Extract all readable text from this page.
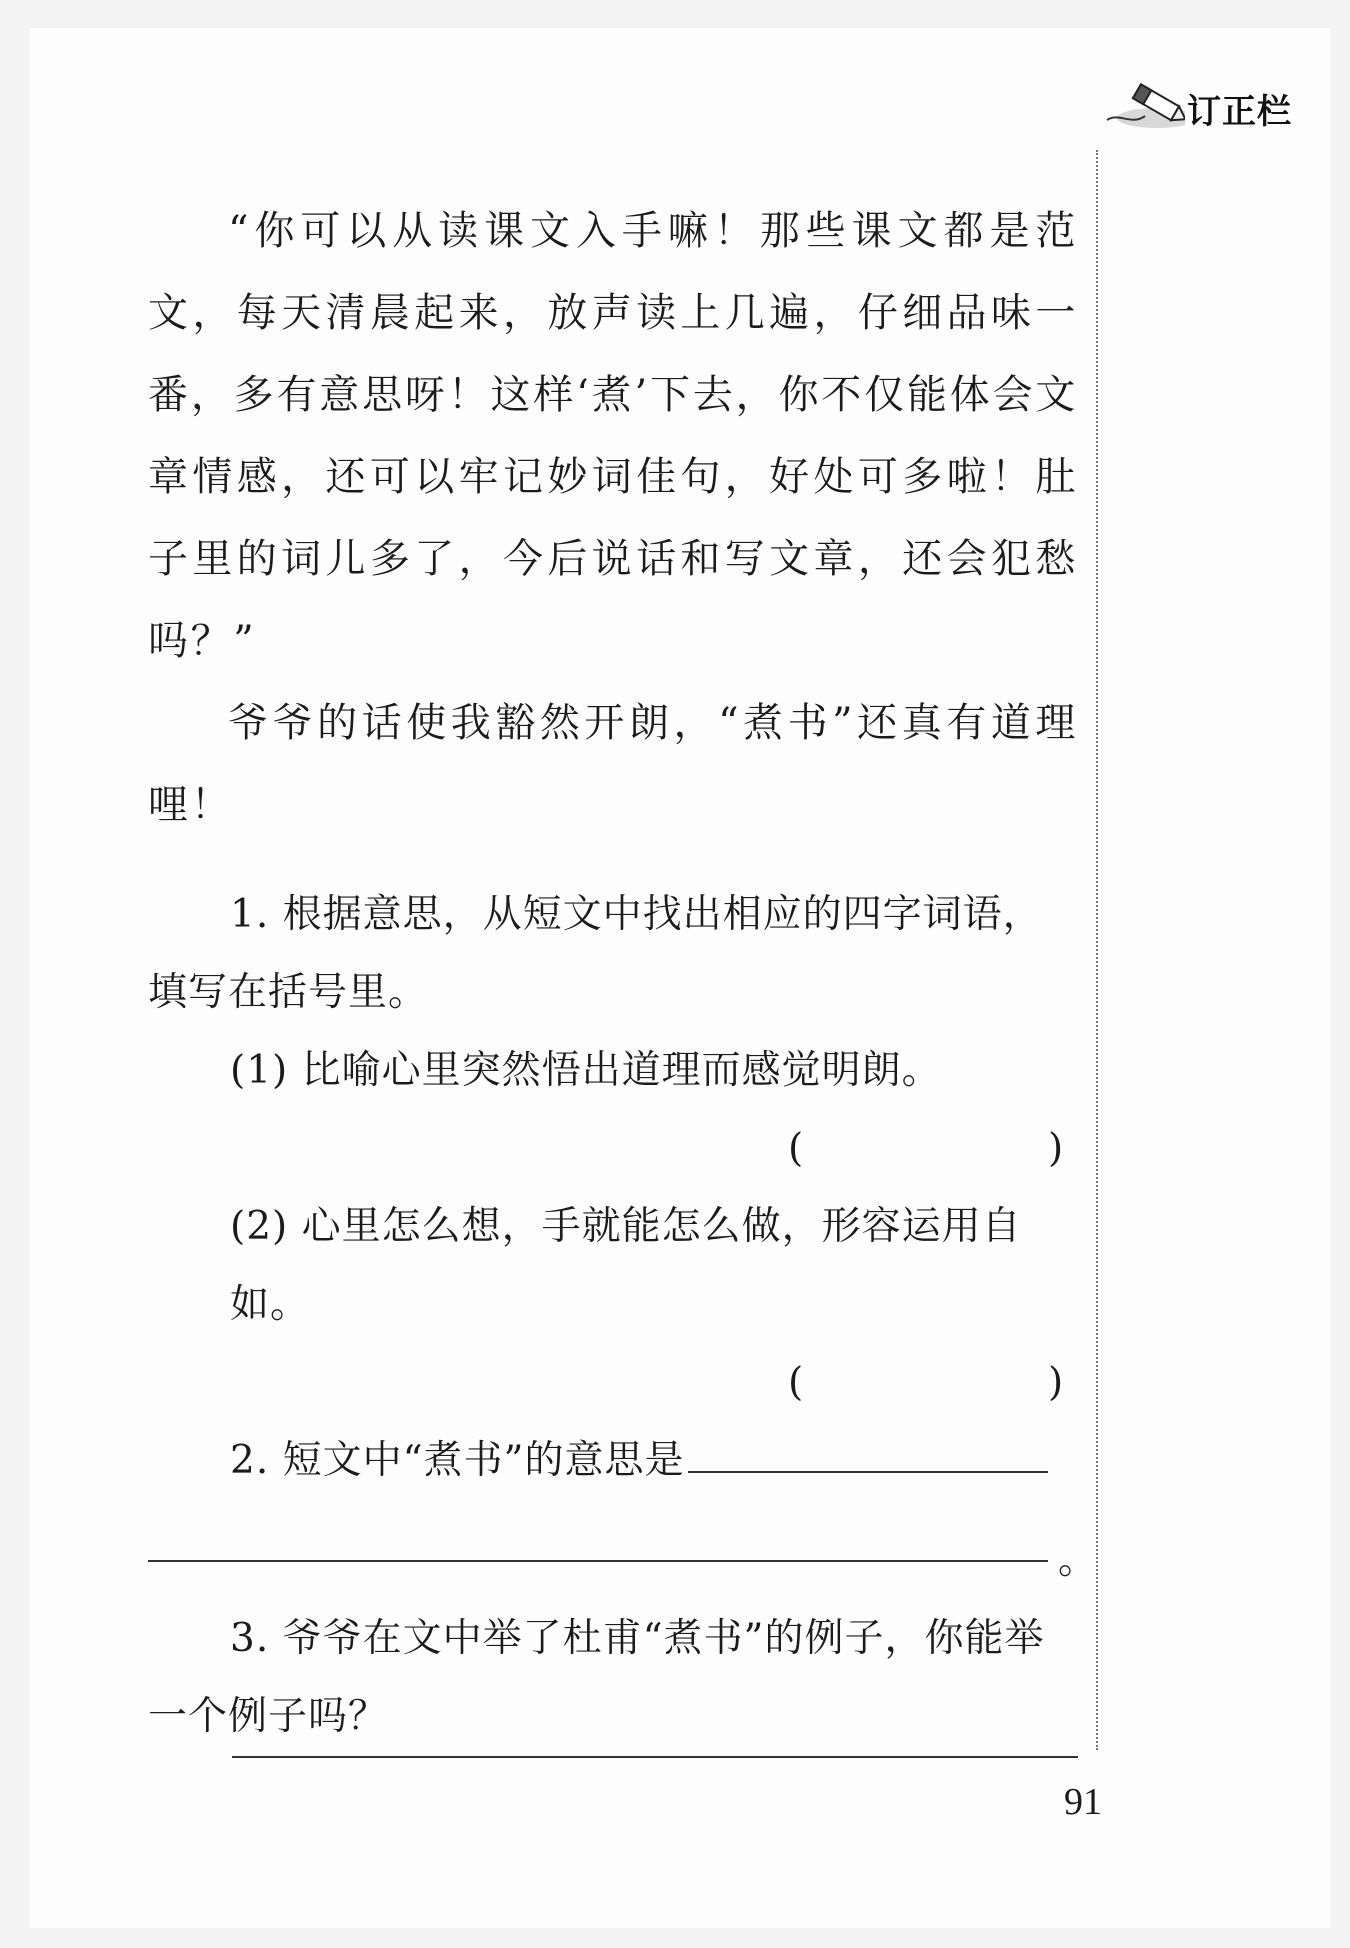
订正栏

“你可以从读课文入手嘛！那些课文都是范文，每天清晨起来，放声读上几遍，仔细品味一番，多有意思呀！这样‘煮’下去，你不仅能体会文章情感，还可以牢记妙词佳句，好处可多啦！肚子里的词儿多了，今后说话和写文章，还会犯愁吗？”

爷爷的话使我豁然开朗，“煮书”还真有道理哩！

1. 根据意思，从短文中找出相应的四字词语，填写在括号里。

(1) 比喻心里突然悟出道理而感觉明朗。

(	)

(2) 心里怎么想，手就能怎么做，形容运用自如。

(	)

2. 短文中“煮书”的意思是

。

3. 爷爷在文中举了杜甫“煮书”的例子，你能举一个例子吗？

91
